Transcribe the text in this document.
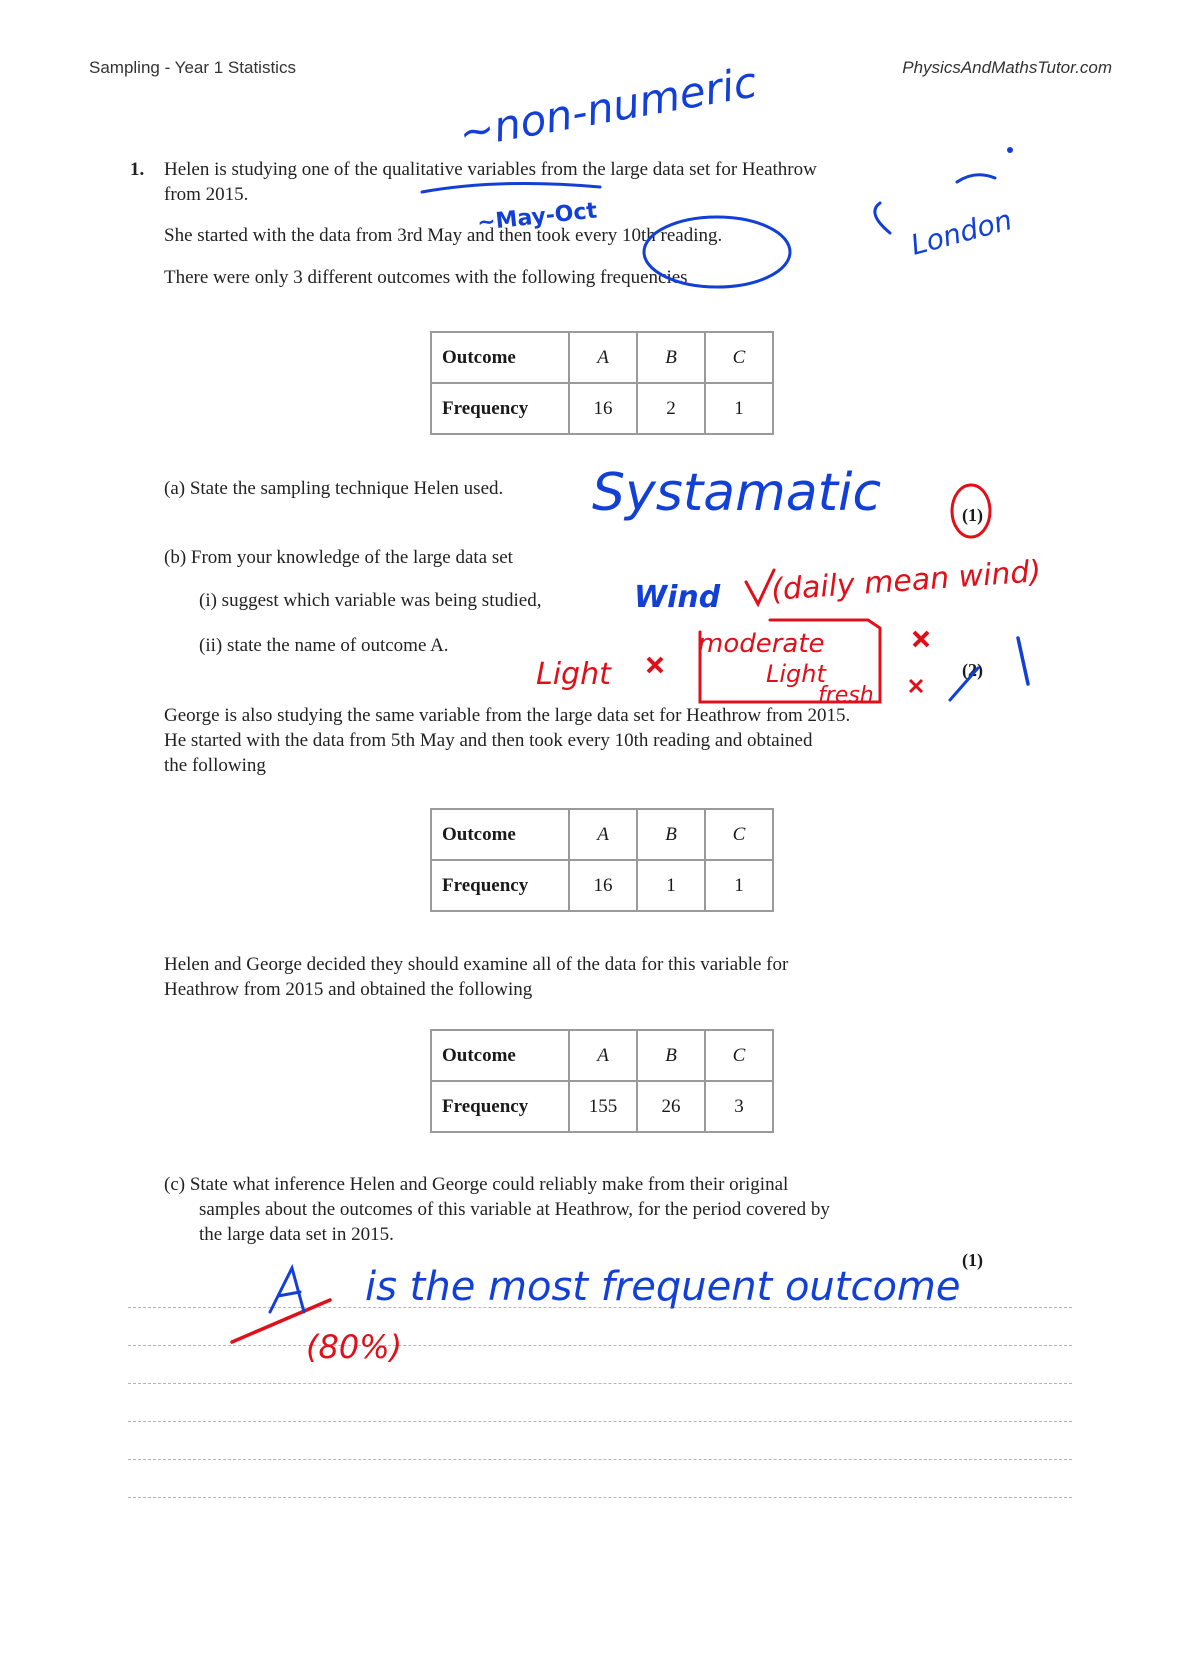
Sampling - Year 1 Statistics	PhysicsAndMathsTutor.com
1. Helen is studying one of the qualitative variables from the large data set for Heathrow
from 2015.
She started with the data from 3rd May and then took every 10th reading.
There were only 3 different outcomes with the following frequencies
Outcome	A	B	C
Frequency	16	2	1
(a) State the sampling technique Helen used.
(1)
(b) From your knowledge of the large data set
(i) suggest which variable was being studied,
(ii) state the name of outcome A.
(2)
George is also studying the same variable from the large data set for Heathrow from 2015.
He started with the data from 5th May and then took every 10th reading and obtained
the following
Outcome	A	B	C
Frequency	16	1	1
Helen and George decided they should examine all of the data for this variable for
Heathrow from 2015 and obtained the following
Outcome	A	B	C
Frequency	155	26	3
(c) State what inference Helen and George could reliably make from their original
samples about the outcomes of this variable at Heathrow, for the period covered by
the large data set in 2015.
(1)
~non-numeric
~May-Oct	London
Systamatic
Wind (daily mean wind)
Light
moderate
Light
fresh
is the most frequent outcome
(80%)
